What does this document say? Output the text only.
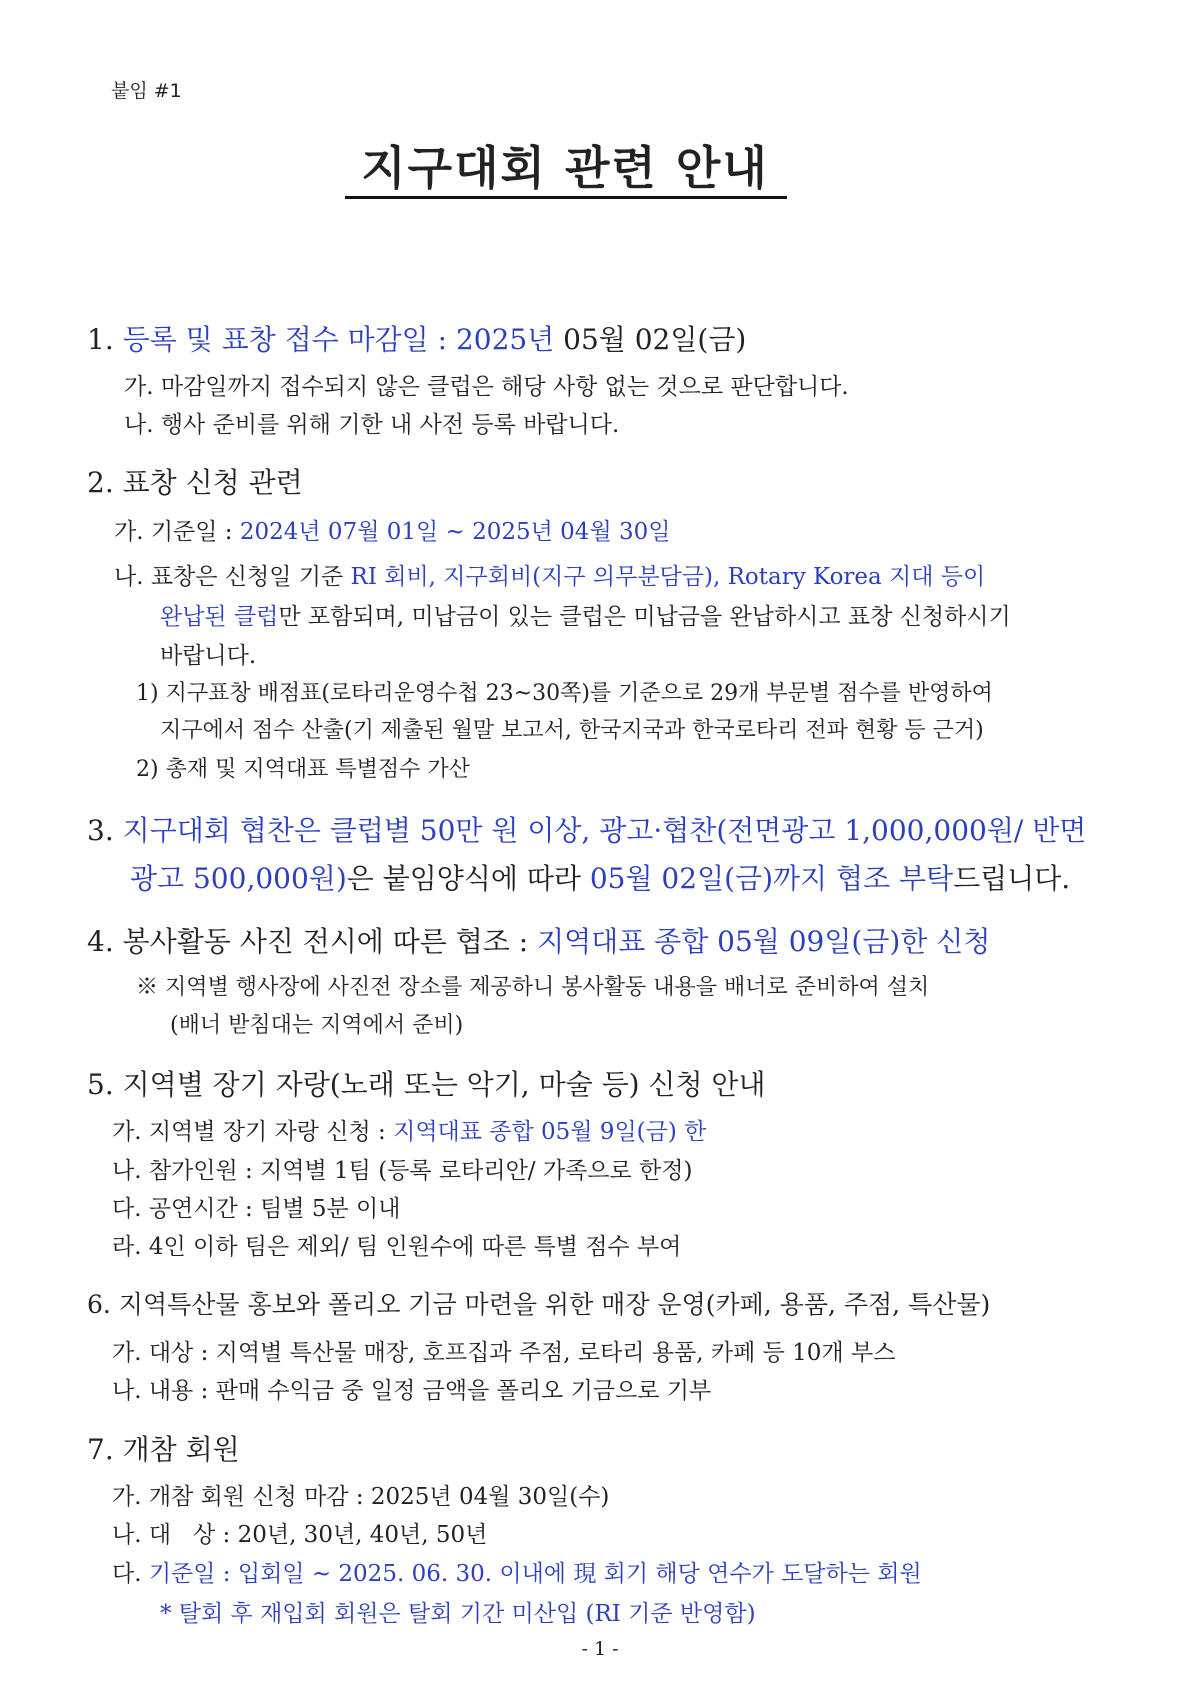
붙임 #1
지구대회 관련 안내
1. 등록 및 표창 접수 마감일 : 2025년 05월 02일(금)
가. 마감일까지 접수되지 않은 클럽은 해당 사항 없는 것으로 판단합니다.
나. 행사 준비를 위해 기한 내 사전 등록 바랍니다.
2. 표창 신청 관련
가. 기준일 : 2024년 07월 01일 ~ 2025년 04월 30일
나. 표창은 신청일 기준 RI 회비, 지구회비(지구 의무분담금), Rotary Korea 지대 등이
완납된 클럽만 포함되며, 미납금이 있는 클럽은 미납금을 완납하시고 표창 신청하시기
바랍니다.
1) 지구표창 배점표(로타리운영수첩 23~30쪽)를 기준으로 29개 부문별 점수를 반영하여
지구에서 점수 산출(기 제출된 월말 보고서, 한국지국과 한국로타리 전파 현황 등 근거)
2) 총재 및 지역대표 특별점수 가산
3. 지구대회 협찬은 클럽별 50만 원 이상, 광고·협찬(전면광고 1,000,000원/ 반면
광고 500,000원)은 붙임양식에 따라 05월 02일(금)까지 협조 부탁드립니다.
4. 봉사활동 사진 전시에 따른 협조 : 지역대표 종합 05월 09일(금)한 신청
※ 지역별 행사장에 사진전 장소를 제공하니 봉사활동 내용을 배너로 준비하여 설치
(배너 받침대는 지역에서 준비)
5. 지역별 장기 자랑(노래 또는 악기, 마술 등) 신청 안내
가. 지역별 장기 자랑 신청 : 지역대표 종합 05월 9일(금) 한
나. 참가인원 : 지역별 1팀 (등록 로타리안/ 가족으로 한정)
다. 공연시간 : 팀별 5분 이내
라. 4인 이하 팀은 제외/ 팀 인원수에 따른 특별 점수 부여
6. 지역특산물 홍보와 폴리오 기금 마련을 위한 매장 운영(카페, 용품, 주점, 특산물)
가. 대상 : 지역별 특산물 매장, 호프집과 주점, 로타리 용품, 카페 등 10개 부스
나. 내용 : 판매 수익금 중 일정 금액을 폴리오 기금으로 기부
7. 개참 회원
가. 개참 회원 신청 마감 : 2025년 04월 30일(수)
나. 대   상 : 20년, 30년, 40년, 50년
다. 기준일 : 입회일 ~ 2025. 06. 30. 이내에 現 회기 해당 연수가 도달하는 회원
* 탈회 후 재입회 회원은 탈회 기간 미산입 (RI 기준 반영함)
- 1 -
